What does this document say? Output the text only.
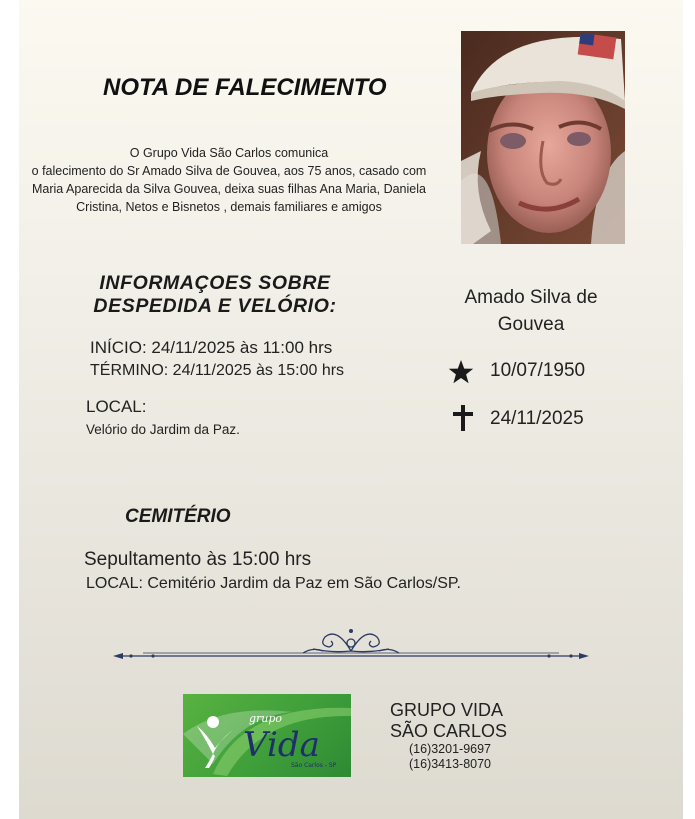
NOTA DE FALECIMENTO
O Grupo Vida São Carlos comunica
o falecimento do Sr Amado Silva de Gouvea, aos 75 anos, casado com
Maria Aparecida da Silva Gouvea, deixa suas filhas Ana Maria, Daniela
Cristina, Netos e Bisnetos , demais familiares e amigos
INFORMAÇOES SOBRE
DESPEDIDA E VELÓRIO:
INÍCIO: 24/11/2025 às 11:00 hrs
TÉRMINO: 24/11/2025 às 15:00 hrs
LOCAL:
Velório do Jardim da Paz.
Amado Silva de
Gouvea
10/07/1950
24/11/2025
CEMITÉRIO
Sepultamento às 15:00 hrs
LOCAL: Cemitério Jardim da Paz em São Carlos/SP.
grupo
Vida
São Carlos - SP
GRUPO VIDA
SÃO CARLOS
(16)3201-9697
(16)3413-8070
